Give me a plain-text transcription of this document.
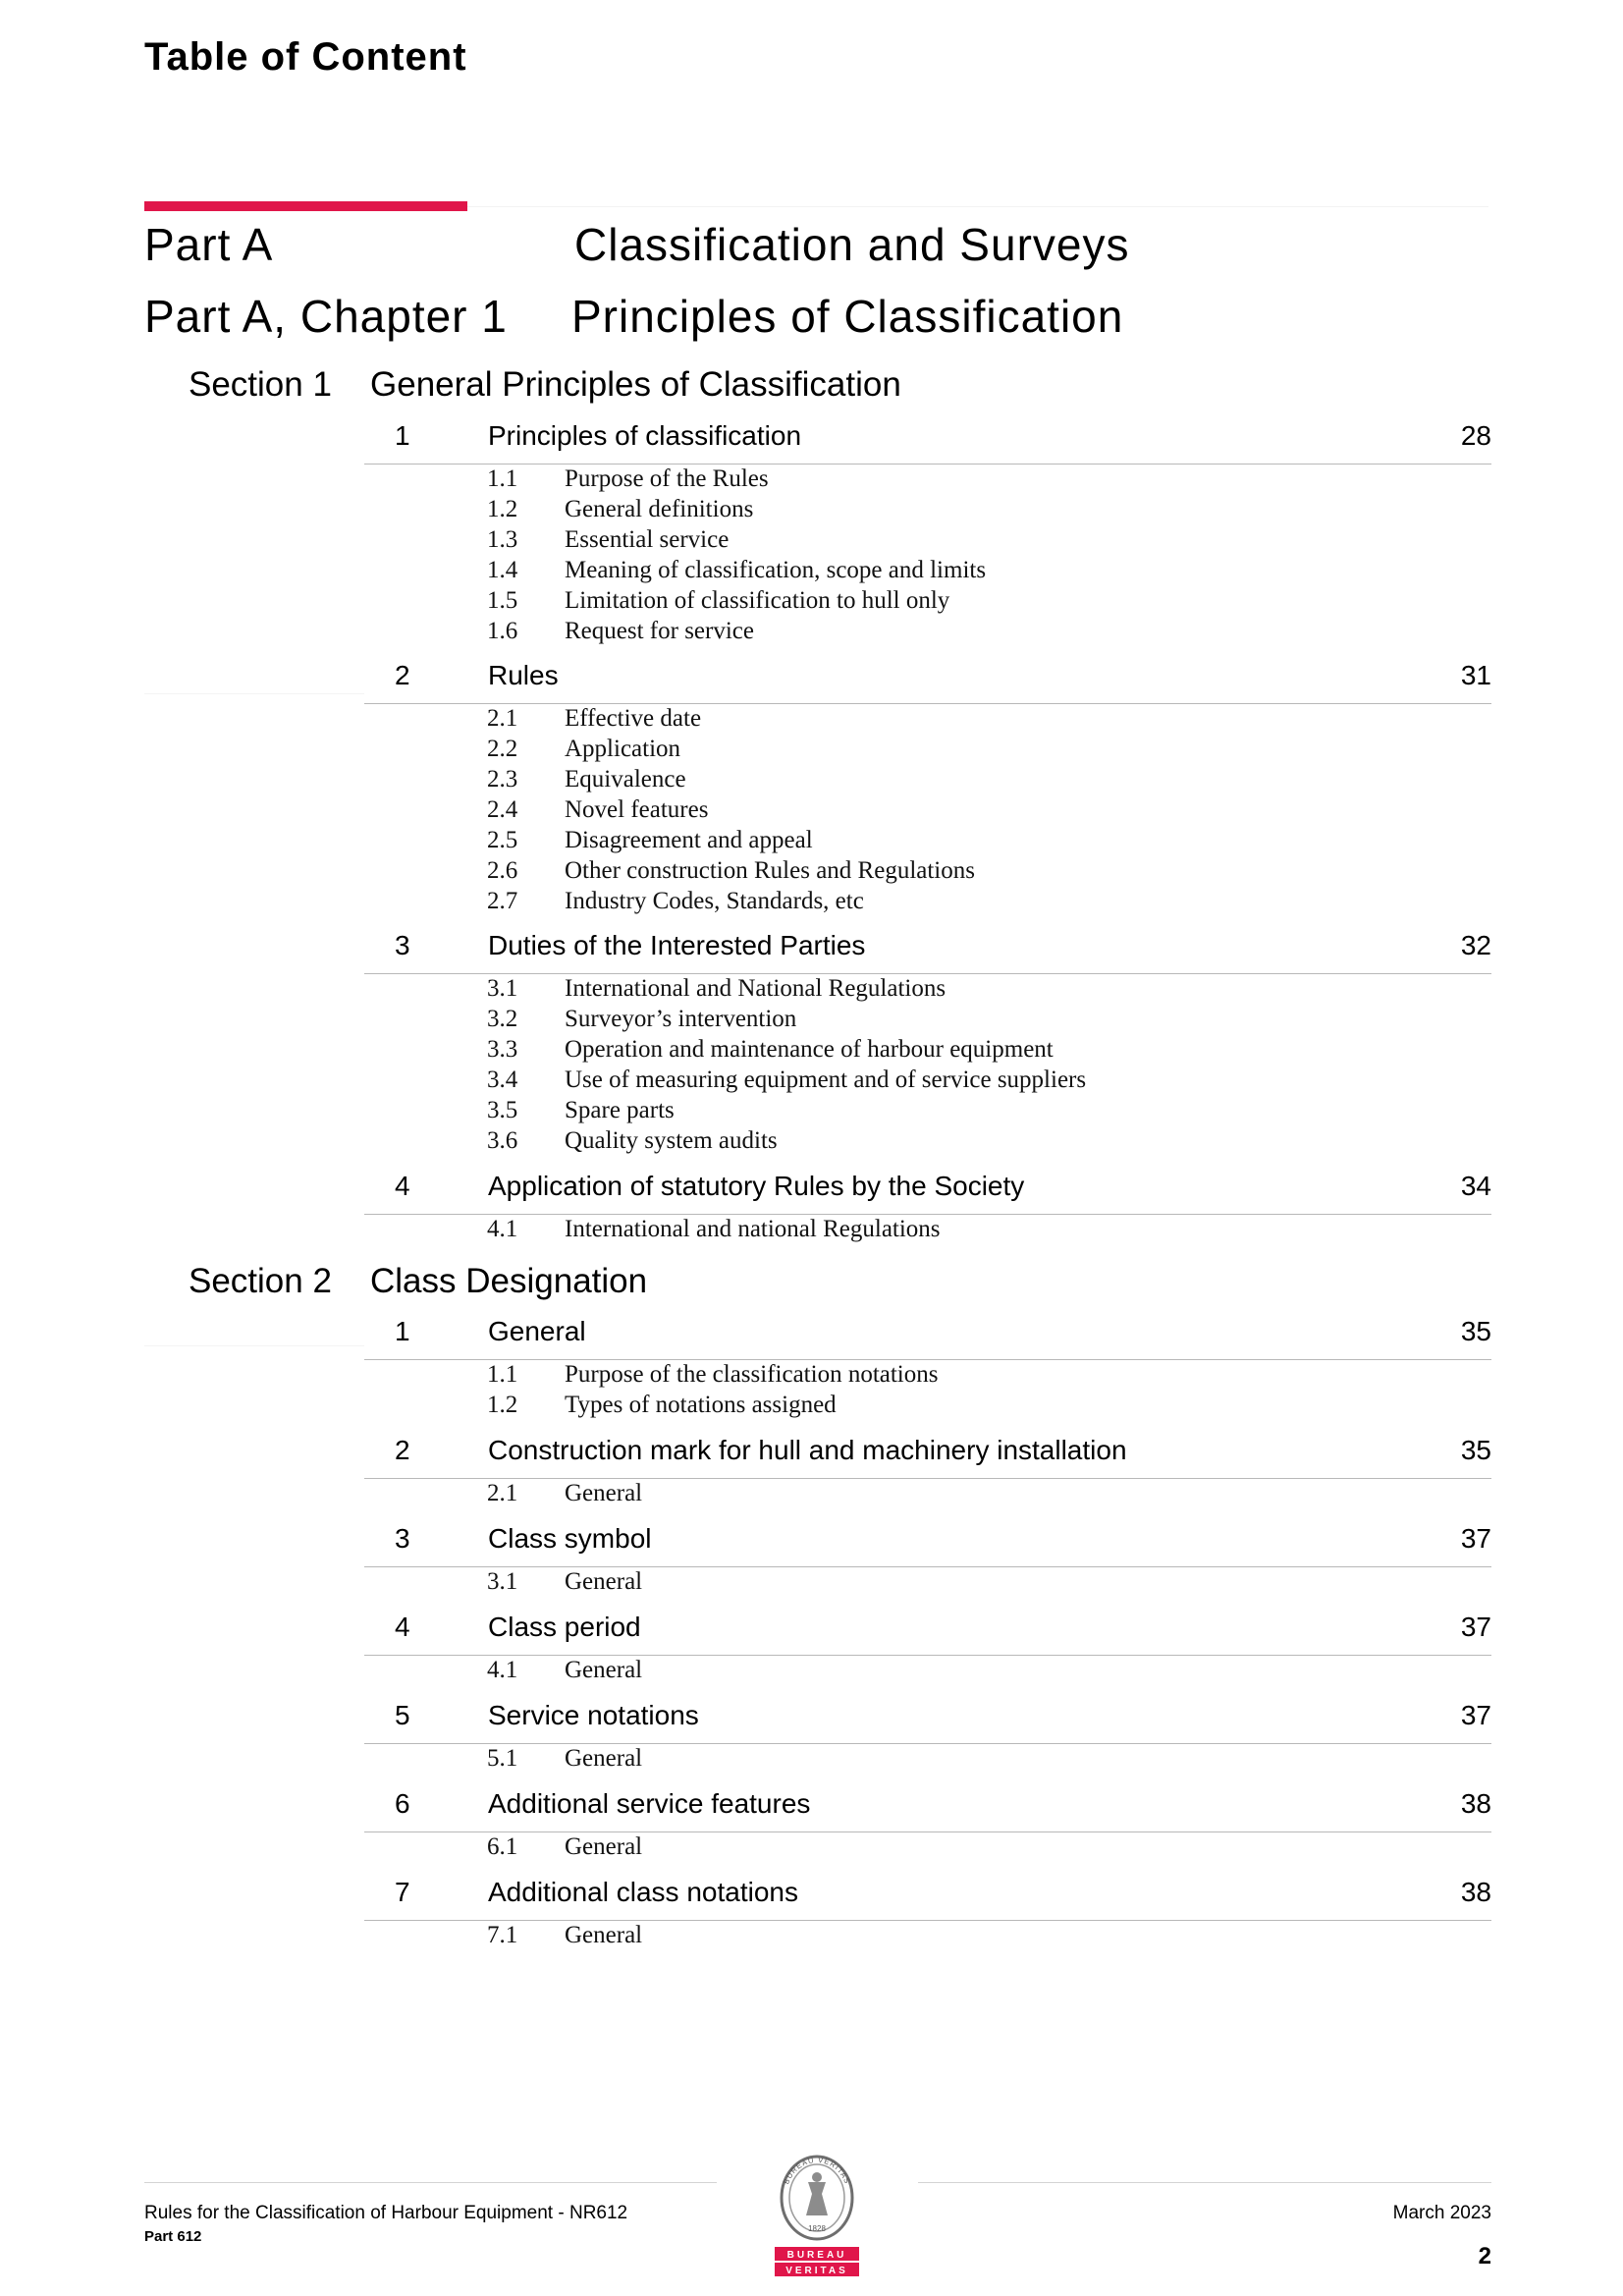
Table of Content
Part A	Classification and Surveys
Part A, Chapter 1 Principles of Classification
Section 1 General Principles of Classification
1	Principles of classification	28
1.1 Purpose of the Rules
1.2 General definitions
1.3 Essential service
1.4 Meaning of classification, scope and limits
1.5 Limitation of classification to hull only
1.6 Request for service
2	Rules	31
2.1 Effective date
2.2 Application
2.3 Equivalence
2.4 Novel features
2.5 Disagreement and appeal
2.6 Other construction Rules and Regulations
2.7 Industry Codes, Standards, etc
3	Duties of the Interested Parties	32
3.1 International and National Regulations
3.2 Surveyor’s intervention
3.3 Operation and maintenance of harbour equipment
3.4 Use of measuring equipment and of service suppliers
3.5 Spare parts
3.6 Quality system audits
4	Application of statutory Rules by the Society	34
4.1 International and national Regulations
Section 2 Class Designation
1	General	35
1.1 Purpose of the classification notations
1.2 Types of notations assigned
2	Construction mark for hull and machinery installation	35
2.1 General
3	Class symbol	37
3.1 General
4	Class period	37
4.1 General
5	Service notations	37
5.1 General
6	Additional service features	38
6.1 General
7	Additional class notations	38
7.1 General
Rules for the Classification of Harbour Equipment - NR612
Part 612
March 2023
2
BUREAU VERITAS
1828
BUREAU
VERITAS
